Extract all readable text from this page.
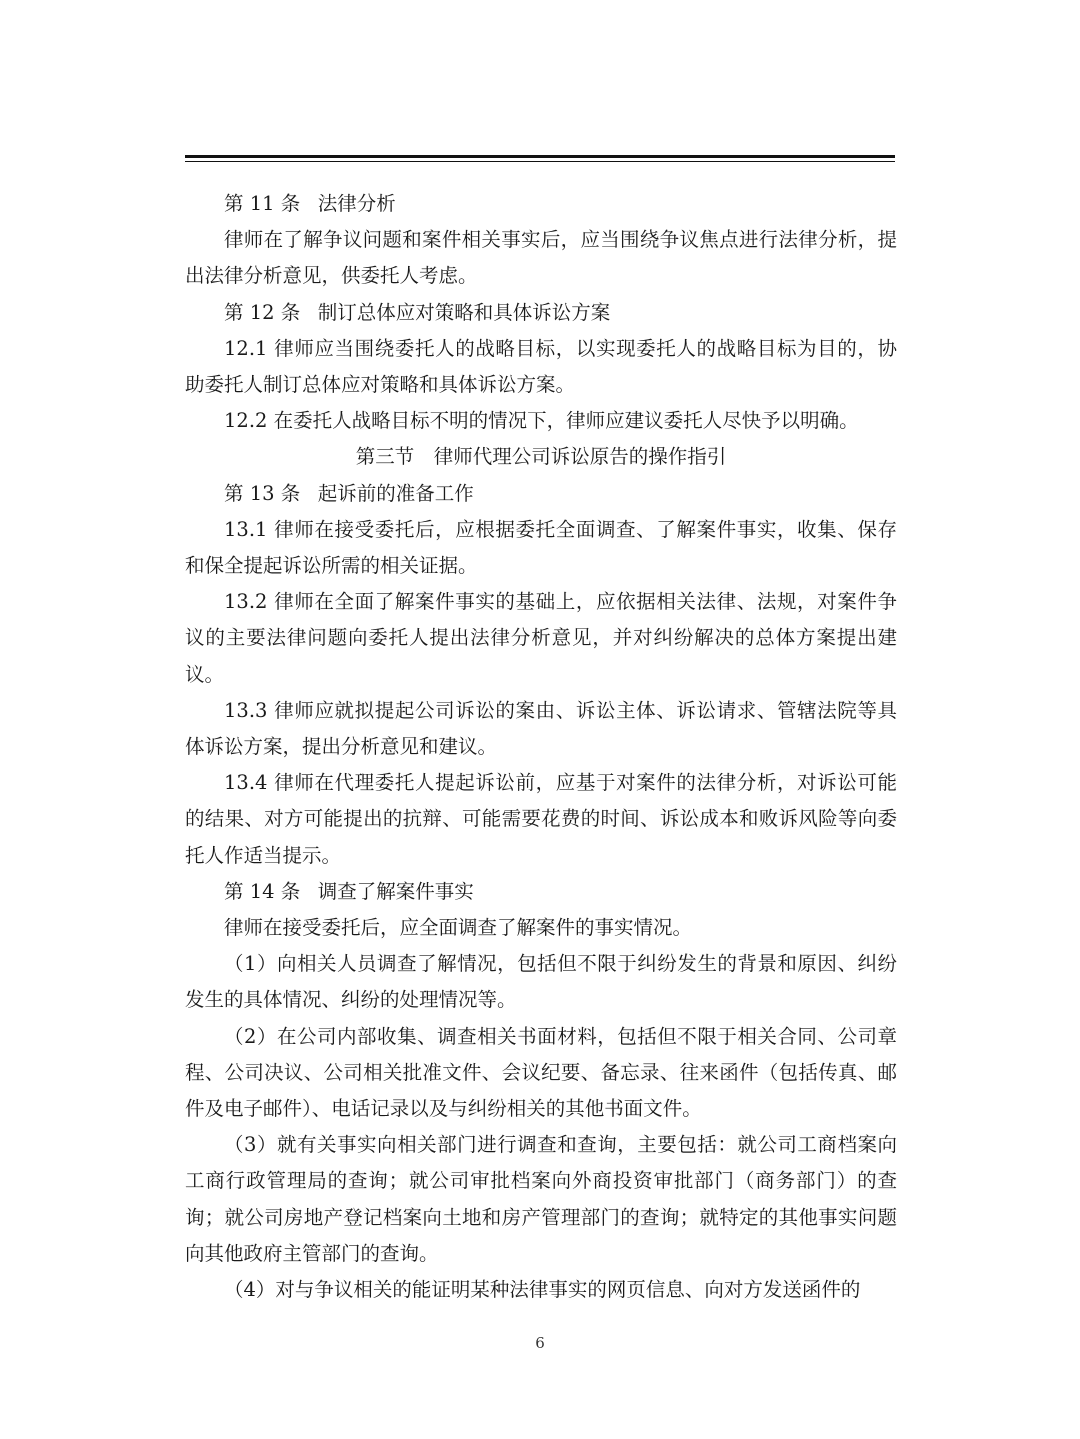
第 11 条 法律分析

律师在了解争议问题和案件相关事实后，应当围绕争议焦点进行法律分析，提出法律分析意见，供委托人考虑。

第 12 条 制订总体应对策略和具体诉讼方案

12.1 律师应当围绕委托人的战略目标，以实现委托人的战略目标为目的，协助委托人制订总体应对策略和具体诉讼方案。

12.2 在委托人战略目标不明的情况下，律师应建议委托人尽快予以明确。

第三节　律师代理公司诉讼原告的操作指引

第 13 条 起诉前的准备工作

13.1 律师在接受委托后，应根据委托全面调查、了解案件事实，收集、保存和保全提起诉讼所需的相关证据。

13.2 律师在全面了解案件事实的基础上，应依据相关法律、法规，对案件争议的主要法律问题向委托人提出法律分析意见，并对纠纷解决的总体方案提出建议。

13.3 律师应就拟提起公司诉讼的案由、诉讼主体、诉讼请求、管辖法院等具体诉讼方案，提出分析意见和建议。

13.4 律师在代理委托人提起诉讼前，应基于对案件的法律分析，对诉讼可能的结果、对方可能提出的抗辩、可能需要花费的时间、诉讼成本和败诉风险等向委托人作适当提示。

第 14 条 调查了解案件事实

律师在接受委托后，应全面调查了解案件的事实情况。

（1）向相关人员调查了解情况，包括但不限于纠纷发生的背景和原因、纠纷发生的具体情况、纠纷的处理情况等。

（2）在公司内部收集、调查相关书面材料，包括但不限于相关合同、公司章程、公司决议、公司相关批准文件、会议纪要、备忘录、往来函件（包括传真、邮件及电子邮件）、电话记录以及与纠纷相关的其他书面文件。

（3）就有关事实向相关部门进行调查和查询，主要包括：就公司工商档案向工商行政管理局的查询；就公司审批档案向外商投资审批部门（商务部门）的查询；就公司房地产登记档案向土地和房产管理部门的查询；就特定的其他事实问题向其他政府主管部门的查询。

（4）对与争议相关的能证明某种法律事实的网页信息、向对方发送函件的

6
